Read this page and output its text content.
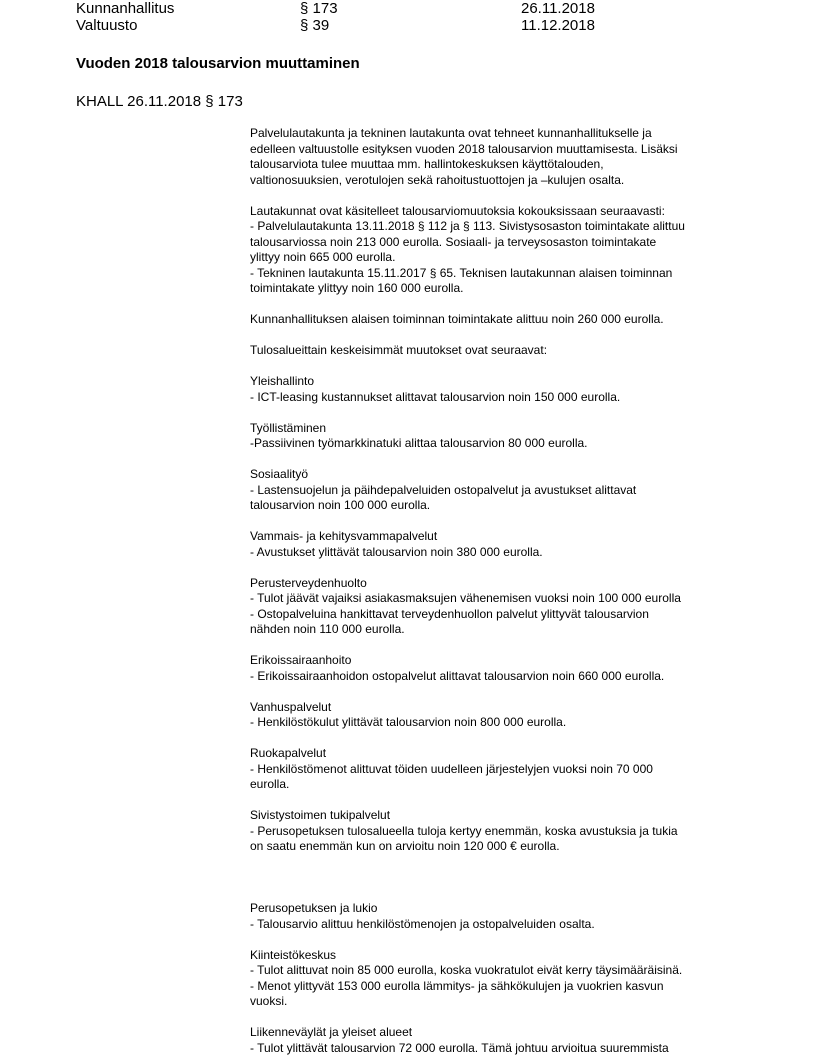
Kunnanhallitus	§ 173	26.11.2018
Valtuusto	§ 39	11.12.2018
Vuoden 2018 talousarvion muuttaminen

KHALL 26.11.2018 § 173

Palvelulautakunta ja tekninen lautakunta ovat tehneet kunnanhallitukselle ja
edelleen valtuustolle esityksen vuoden 2018 talousarvion muuttamisesta. Lisäksi
talousarviota tulee muuttaa mm. hallintokeskuksen käyttötalouden,
valtionosuuksien, verotulojen sekä rahoitustuottojen ja –kulujen osalta.
Lautakunnat ovat käsitelleet talousarviomuutoksia kokouksissaan seuraavasti:
- Palvelulautakunta 13.11.2018 § 112 ja § 113. Sivistysosaston toimintakate alittuu
talousarviossa noin 213 000 eurolla. Sosiaali- ja terveysosaston toimintakate
ylittyy noin 665 000 eurolla.
- Tekninen lautakunta 15.11.2017 § 65. Teknisen lautakunnan alaisen toiminnan
toimintakate ylittyy noin 160 000 eurolla.
Kunnanhallituksen alaisen toiminnan toimintakate alittuu noin 260 000 eurolla.
Tulosalueittain keskeisimmät muutokset ovat seuraavat:
Yleishallinto
- ICT-leasing kustannukset alittavat talousarvion noin 150 000 eurolla.
Työllistäminen
-Passiivinen työmarkkinatuki alittaa talousarvion 80 000 eurolla.
Sosiaalityö
- Lastensuojelun ja päihdepalveluiden ostopalvelut ja avustukset alittavat
talousarvion noin 100 000 eurolla.
Vammais- ja kehitysvammapalvelut
- Avustukset ylittävät talousarvion noin 380 000 eurolla.
Perusterveydenhuolto
- Tulot jäävät vajaiksi asiakasmaksujen vähenemisen vuoksi noin 100 000 eurolla
- Ostopalveluina hankittavat terveydenhuollon palvelut ylittyvät talousarvion
nähden noin 110 000 eurolla.
Erikoissairaanhoito
- Erikoissairaanhoidon ostopalvelut alittavat talousarvion noin 660 000 eurolla.
Vanhuspalvelut
- Henkilöstökulut ylittävät talousarvion noin 800 000 eurolla.
Ruokapalvelut
- Henkilöstömenot alittuvat töiden uudelleen järjestelyjen vuoksi noin 70 000
eurolla.
Sivistystoimen tukipalvelut
- Perusopetuksen tulosalueella tuloja kertyy enemmän, koska avustuksia ja tukia
on saatu enemmän kun on arvioitu noin 120 000 € eurolla.
Perusopetuksen ja lukio
- Talousarvio alittuu henkilöstömenojen ja ostopalveluiden osalta.
Kiinteistökeskus
- Tulot alittuvat noin 85 000 eurolla, koska vuokratulot eivät kerry täysimääräisinä.
- Menot ylittyvät 153 000 eurolla lämmitys- ja sähkökulujen ja vuokrien kasvun
vuoksi.
Liikenneväylät ja yleiset alueet
- Tulot ylittävät talousarvion 72 000 eurolla. Tämä johtuu arvioitua suuremmista
